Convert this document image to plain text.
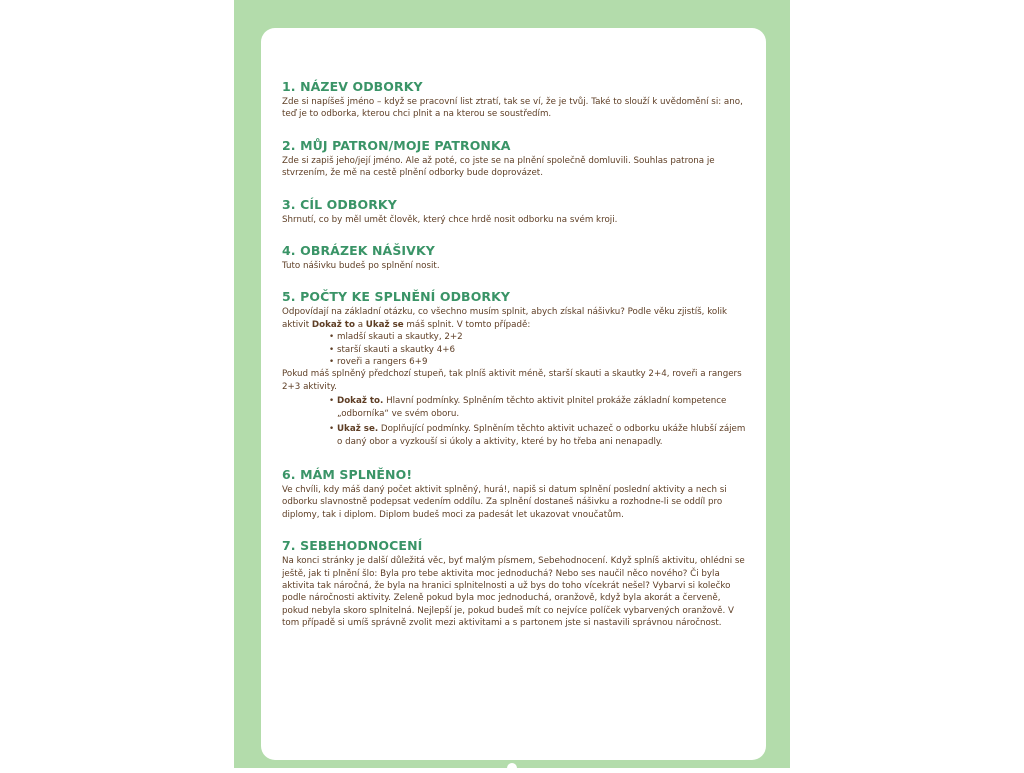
1. NÁZEV ODBORKY

Zde si napíšeš jméno – když se pracovní list ztratí, tak se ví, že je tvůj. Také to slouží k uvědomění si: ano, teď je to odborka, kterou chci plnit a na kterou se soustředím.

2. MŮJ PATRON/MOJE PATRONKA

Zde si zapiš jeho/její jméno. Ale až poté, co jste se na plnění společně domluvili. Souhlas patrona je stvrzením, že mě na cestě plnění odborky bude doprovázet.

3. CÍL ODBORKY

Shrnutí, co by měl umět člověk, který chce hrdě nosit odborku na svém kroji.

4. OBRÁZEK NÁŠIVKY

Tuto nášivku budeš po splnění nosit.

5. POČTY KE SPLNĚNÍ ODBORKY

Odpovídají na základní otázku, co všechno musím splnit, abych získal nášivku? Podle věku zjistíš, kolik aktivit Dokaž to a Ukaž se máš splnit. V tomto případě:

• mladší skauti a skautky, 2+2
• starší skauti a skautky 4+6
• roveři a rangers 6+9

Pokud máš splněný předchozí stupeň, tak plníš aktivit méně, starší skauti a skautky 2+4, roveři a rangers 2+3 aktivity.

• Dokaž to. Hlavní podmínky. Splněním těchto aktivit plnitel prokáže základní kompetence „odborníka“ ve svém oboru.
• Ukaž se. Doplňující podmínky. Splněním těchto aktivit uchazeč o odborku ukáže hlubší zájem o daný obor a vyzkouší si úkoly a aktivity, které by ho třeba ani nenapadly.
6. MÁM SPLNĚNO!

Ve chvíli, kdy máš daný počet aktivit splněný, hurá!, napiš si datum splnění poslední aktivity a nech si odborku slavnostně podepsat vedením oddílu. Za splnění dostaneš nášivku a rozhodne-li se oddíl pro diplomy, tak i diplom. Diplom budeš moci za padesát let ukazovat vnoučatům.

7. SEBEHODNOCENÍ

Na konci stránky je další důležitá věc, byť malým písmem, Sebehodnocení. Když splníš aktivitu, ohlédni se ještě, jak ti plnění šlo: Byla pro tebe aktivita moc jednoduchá? Nebo ses naučil něco nového? Či byla aktivita tak náročná, že byla na hranici splnitelnosti a už bys do toho vícekrát nešel? Vybarvi si kolečko podle náročnosti aktivity. Zeleně pokud byla moc jednoduchá, oranžově, když byla akorát a červeně, pokud nebyla skoro splnitelná. Nejlepší je, pokud budeš mít co nejvíce políček vybarvených oranžově. V tom případě si umíš správně zvolit mezi aktivitami a s partonem jste si nastavili správnou náročnost.
